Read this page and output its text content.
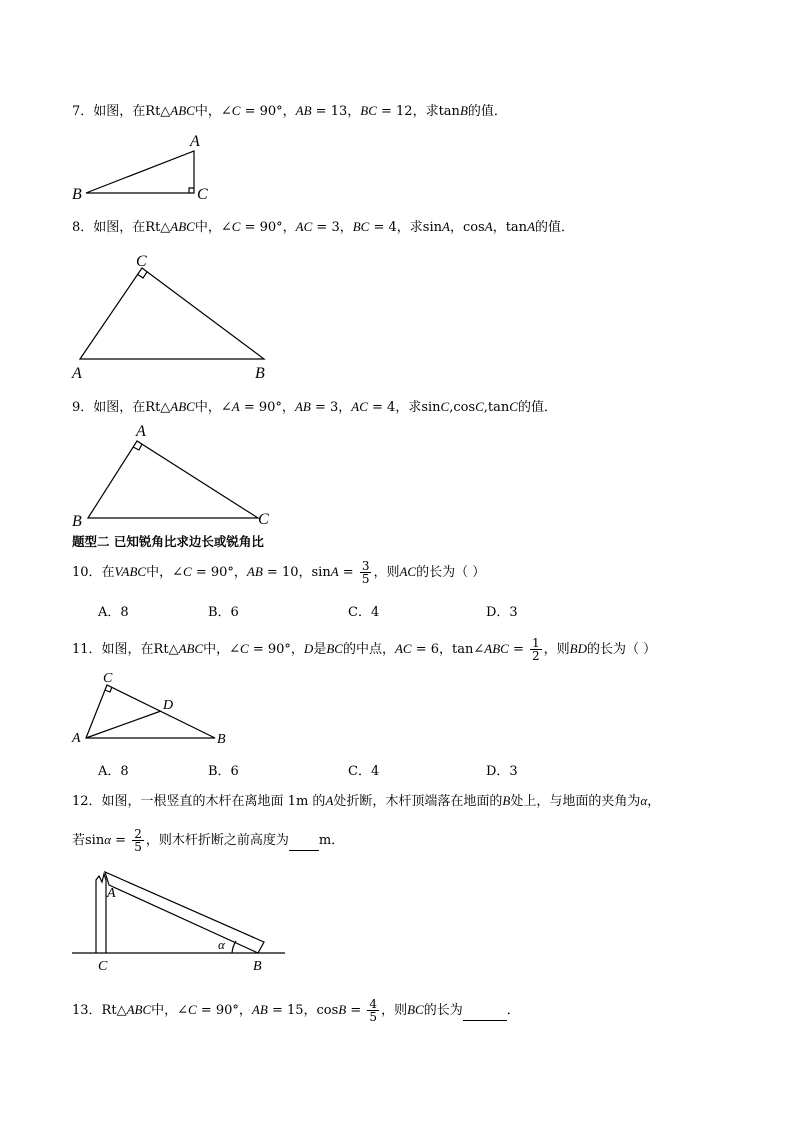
7．如图，在Rt△ABC中，∠C = 90°，AB = 13，BC = 12，求tanB的值．
8．如图，在Rt△ABC中，∠C = 90°，AC = 3，BC = 4，求sinA，cosA，tanA的值．
9．如图，在Rt△ABC中，∠A = 90°，AB = 3，AC = 4，求sinC,cosC,tanC的值．
题型二 已知锐角比求边长或锐角比
10．在VABC中，∠C = 90°，AB = 10，$\sin A = \frac{3}{5}$ ，则AC的长为（ ）
A．8	B．6	C．4	D．3
11．如图，在Rt△ABC中，∠C = 90°，D是BC的中点，AC = 6，tan∠ABC = $\frac{1}{2}$ ，则BD的长为（ ）
A．8	B．6	C．4	D．3
12．如图，一根竖直的木杆在离地面 1m 的A处折断，木杆顶端落在地面的B处上，与地面的夹角为α，
若$\sin\alpha = \frac{2}{5}$ ，则木杆折断之前高度为 m．
13．Rt△ABC中，∠C = 90°，AB = 15，$\cos B = \frac{4}{5}$ ，则BC的长为	．
A
B	C
C
A	B
A
B	C
C
D
A	B
A
C	B
α
